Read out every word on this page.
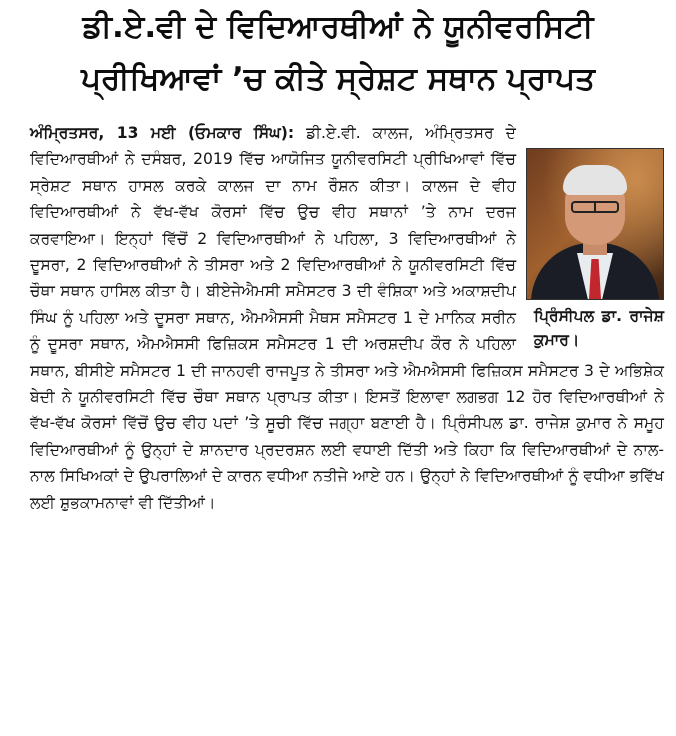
ਡੀ.ਏ.ਵੀ ਦੇ ਵਿਦਿਆਰਥੀਆਂ ਨੇ ਯੂਨੀਵਰਸਿਟੀ
ਪ੍ਰੀਖਿਆਵਾਂ ’ਚ ਕੀਤੇ ਸ੍ਰੇਸ਼ਟ ਸਥਾਨ ਪ੍ਰਾਪਤ
ਪ੍ਰਿੰਸੀਪਲ ਡਾ. ਰਾਜੇਸ਼ ਕੁਮਾਰ।
ਅੰਮ੍ਰਿਤਸਰ, 13 ਮਈ (ਓਮਕਾਰ ਸਿੰਘ): ਡੀ.ਏ.ਵੀ. ਕਾਲਜ, ਅੰਮ੍ਰਿਤਸਰ ਦੇ ਵਿਦਿਆਰਥੀਆਂ ਨੇ ਦਸੰਬਰ, 2019 ਵਿੱਚ ਆਯੋਜਿਤ ਯੂਨੀਵਰਸਿਟੀ ਪ੍ਰੀਖਿਆਵਾਂ ਵਿੱਚ ਸ੍ਰੇਸ਼ਟ ਸਥਾਨ ਹਾਸਲ ਕਰਕੇ ਕਾਲਜ ਦਾ ਨਾਮ ਰੌਸ਼ਨ ਕੀਤਾ। ਕਾਲਜ ਦੇ ਵੀਹ ਵਿਦਿਆਰਥੀਆਂ ਨੇ ਵੱਖ-ਵੱਖ ਕੋਰਸਾਂ ਵਿੱਚ ਉਚ ਵੀਹ ਸਥਾਨਾਂ ’ਤੇ ਨਾਮ ਦਰਜ ਕਰਵਾਇਆ। ਇਨ੍ਹਾਂ ਵਿੱਚੋਂ 2 ਵਿਦਿਆਰਥੀਆਂ ਨੇ ਪਹਿਲਾ, 3 ਵਿਦਿਆਰਥੀਆਂ ਨੇ ਦੂਸਰਾ, 2 ਵਿਦਿਆਰਥੀਆਂ ਨੇ ਤੀਸਰਾ ਅਤੇ 2 ਵਿਦਿਆਰਥੀਆਂ ਨੇ ਯੂਨੀਵਰਸਿਟੀ ਵਿੱਚ ਚੌਥਾ ਸਥਾਨ ਹਾਸਿਲ ਕੀਤਾ ਹੈ। ਬੀਏਜੇਐਮਸੀ ਸਮੈਸਟਰ 3 ਦੀ ਵੰਸ਼ਿਕਾ ਅਤੇ ਅਕਾਸ਼ਦੀਪ ਸਿੰਘ ਨੂੰ ਪਹਿਲਾ ਅਤੇ ਦੂਸਰਾ ਸਥਾਨ, ਐਮਐਸਸੀ ਮੈਥਸ ਸਮੈਸਟਰ 1 ਦੇ ਮਾਨਿਕ ਸਰੀਨ ਨੂੰ ਦੂਸਰਾ ਸਥਾਨ, ਐਮਐਸਸੀ ਫਿਜ਼ਿਕਸ ਸਮੈਸਟਰ 1 ਦੀ ਅਰਸ਼ਦੀਪ ਕੌਰ ਨੇ ਪਹਿਲਾ ਸਥਾਨ, ਬੀਸੀਏ ਸਮੈਸਟਰ 1 ਦੀ ਜਾਨਹਵੀ ਰਾਜਪੂਤ ਨੇ ਤੀਸਰਾ ਅਤੇ ਐਮਐਸਸੀ ਫਿਜ਼ਿਕਸ ਸਮੈਸਟਰ 3 ਦੇ ਅਭਿਸ਼ੇਕ ਬੇਦੀ ਨੇ ਯੂਨੀਵਰਸਿਟੀ ਵਿੱਚ ਚੌਥਾ ਸਥਾਨ ਪ੍ਰਾਪਤ ਕੀਤਾ। ਇਸਤੋਂ ਇਲਾਵਾ ਲਗਭਗ 12 ਹੋਰ ਵਿਦਿਆਰਥੀਆਂ ਨੇ ਵੱਖ-ਵੱਖ ਕੋਰਸਾਂ ਵਿੱਚੋਂ ਉਚ ਵੀਹ ਪਦਾਂ ’ਤੇ ਸੂਚੀ ਵਿੱਚ ਜਗ੍ਹਾ ਬਣਾਈ ਹੈ। ਪ੍ਰਿੰਸੀਪਲ ਡਾ. ਰਾਜੇਸ਼ ਕੁਮਾਰ ਨੇ ਸਮੂਹ ਵਿਦਿਆਰਥੀਆਂ ਨੂੰ ਉਨ੍ਹਾਂ ਦੇ ਸ਼ਾਨਦਾਰ ਪ੍ਰਦਰਸ਼ਨ ਲਈ ਵਧਾਈ ਦਿੱਤੀ ਅਤੇ ਕਿਹਾ ਕਿ ਵਿਦਿਆਰਥੀਆਂ ਦੇ ਨਾਲ-ਨਾਲ ਸਿਖਿਅਕਾਂ ਦੇ ਉਪਰਾਲਿਆਂ ਦੇ ਕਾਰਨ ਵਧੀਆ ਨਤੀਜੇ ਆਏ ਹਨ। ਉਨ੍ਹਾਂ ਨੇ ਵਿਦਿਆਰਥੀਆਂ ਨੂੰ ਵਧੀਆ ਭਵਿੱਖ ਲਈ ਸ਼ੁਭਕਾਮਨਾਵਾਂ ਵੀ ਦਿੱਤੀਆਂ।
